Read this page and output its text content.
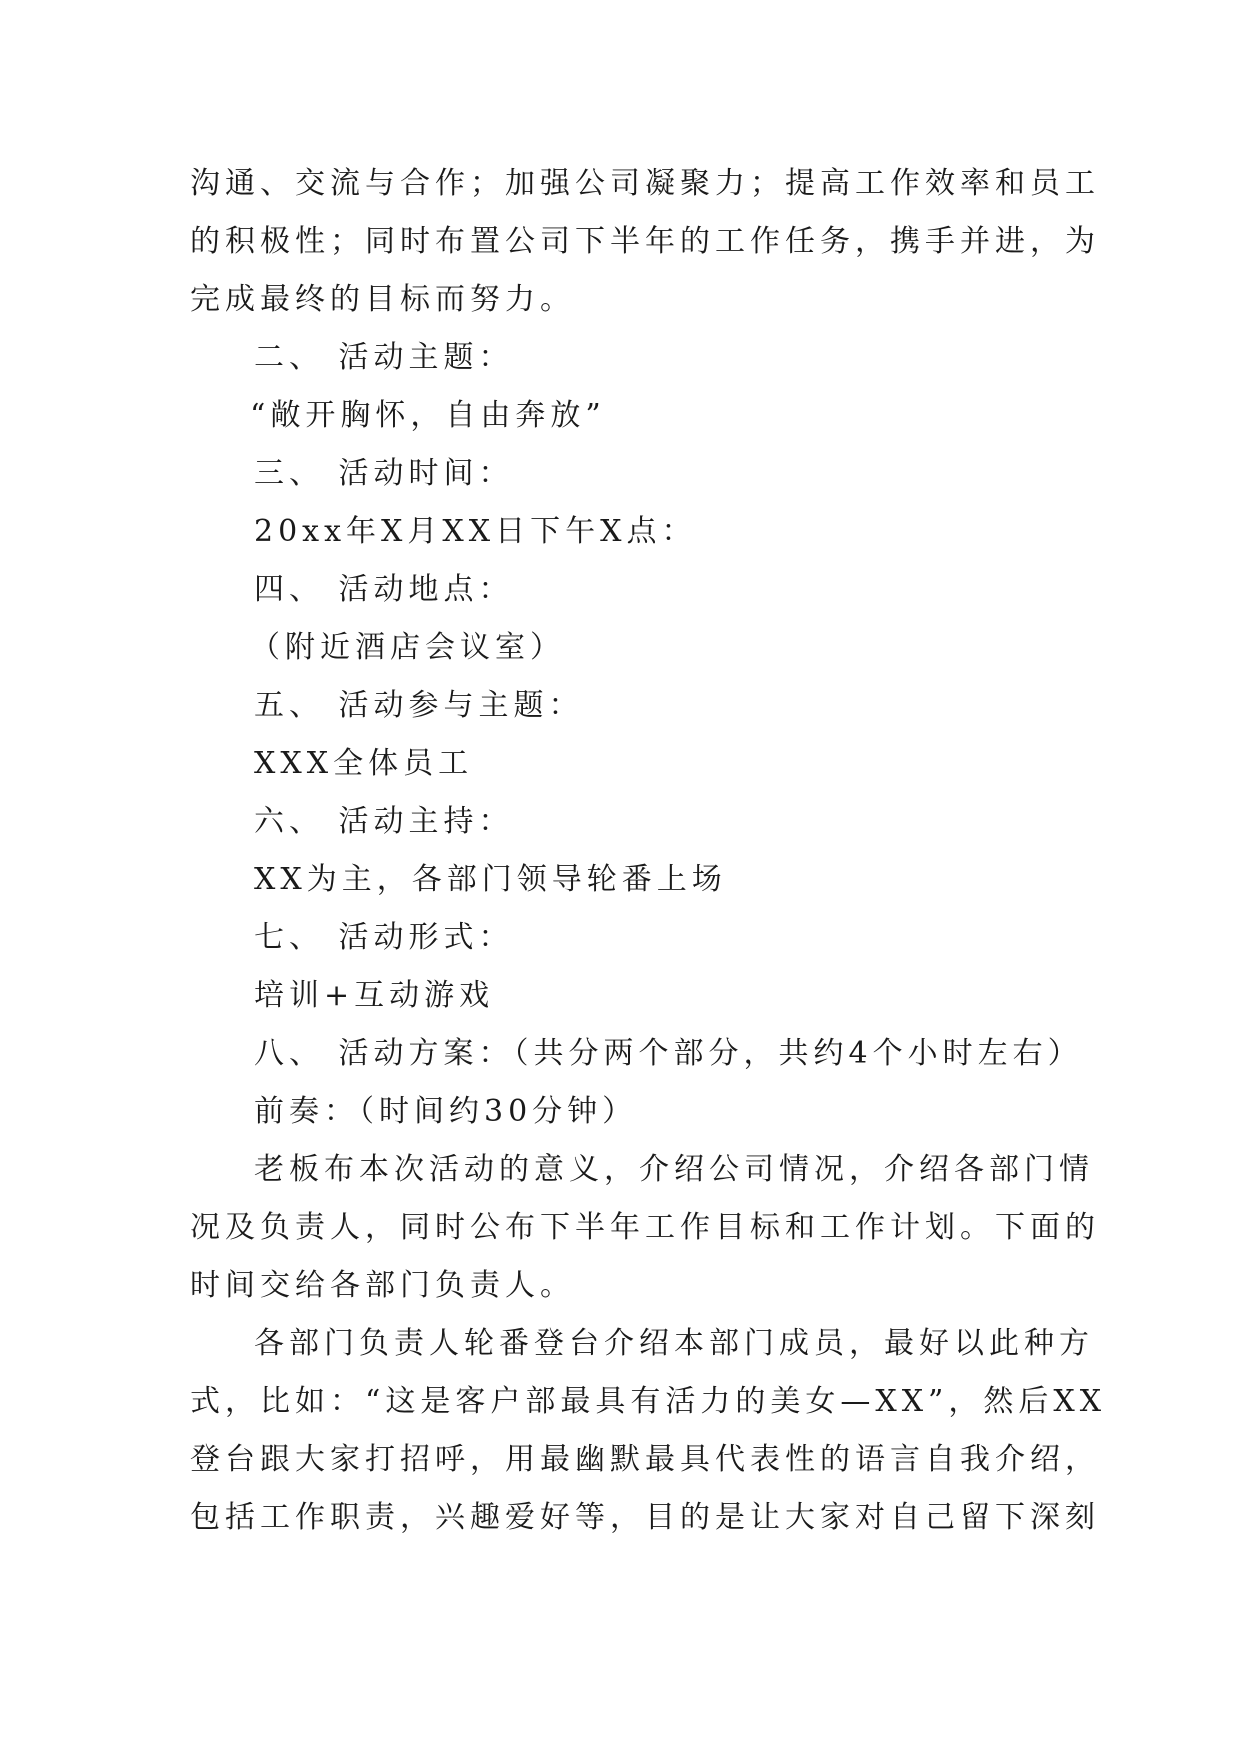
沟通、交流与合作；加强公司凝聚力；提高工作效率和员工
的积极性；同时布置公司下半年的工作任务，携手并进，为
完成最终的目标而努力。
二、 活动主题：
“敞开胸怀，自由奔放”
三、 活动时间：
20xx年X月XX日下午X点：
四、 活动地点：
（附近酒店会议室）
五、 活动参与主题：
XXX全体员工
六、 活动主持：
XX为主，各部门领导轮番上场
七、 活动形式：
培训+互动游戏
八、 活动方案：（共分两个部分，共约4个小时左右）
前奏：（时间约30分钟）
老板布本次活动的意义，介绍公司情况，介绍各部门情
况及负责人，同时公布下半年工作目标和工作计划。下面的
时间交给各部门负责人。
各部门负责人轮番登台介绍本部门成员，最好以此种方
式，比如：“这是客户部最具有活力的美女—XX”，然后XX
登台跟大家打招呼，用最幽默最具代表性的语言自我介绍，
包括工作职责，兴趣爱好等，目的是让大家对自己留下深刻
